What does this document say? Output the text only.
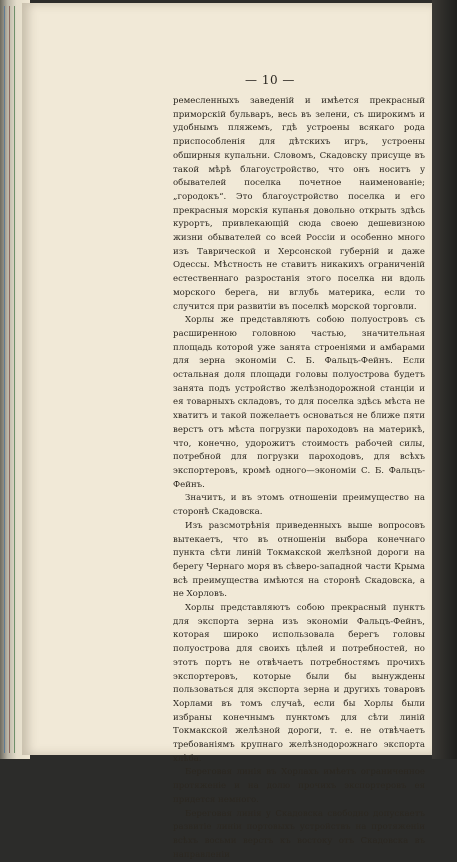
— 10 —

ремесленныхъ заведеній и имѣется прекрасный приморскій бульваръ, весь въ зелени, съ широкимъ и удобнымъ пляжемъ, гдѣ устроены всякаго рода приспособленія для дѣтскихъ игръ, устроены обширныя купальни. Словомъ, Скадовску присуще въ такой мѣрѣ благоустройство, что онъ носитъ у обывателей поселка почетное наименованіе; „городокъ“. Это благоустройство поселка и его прекрасныя морскія купанья довольно открыть здѣсь курортъ, привлекающій сюда своею дешевизною жизни обывателей со всей Россіи и особенно много изъ Таврической и Херсонской губерній и даже Одессы. Мѣстность не ставитъ никакихъ ограниченій естественнаго разростанія этого поселка ни вдоль морского берега, ни вглубь материка, если то случится при развитіи въ поселкѣ морской торговли.

Хорлы же представляютъ собою полуостровъ съ расширенною головною частью, значительная площадь которой уже занята строеніями и амбарами для зерна экономіи С. Б. Фальцъ-Фейнъ. Если остальная доля площади головы полуострова будетъ занята подъ устройство желѣзнодорожной станціи и ея товарныхъ складовъ, то для поселка здѣсь мѣста не хватитъ и такой пожелаетъ основаться не ближе пяти верстъ отъ мѣста погрузки пароходовъ на материкѣ, что, конечно, удорожитъ стоимость рабочей силы, потребной для погрузки пароходовъ, для всѣхъ экспортеровъ, кромѣ одного—экономіи С. Б. Фальцъ-Фейнъ.

Значитъ, и въ этомъ отношеніи преимущество на сторонѣ Скадовска.

Изъ разсмотрѣнія приведенныхъ выше вопросовъ вытекаетъ, что въ отношеніи выбора конечнаго пункта сѣти линій Токмакской желѣзной дороги на берегу Чернаго моря въ сѣверо-западной части Крыма всѣ преимущества имѣются на сторонѣ Скадовска, а не Хорловъ.

Хорлы представляютъ собою прекрасный пунктъ для экспорта зерна изъ экономіи Фальцъ-Фейнъ, которая широко использовала берегъ головы полуострова для своихъ цѣлей и потребностей, но этотъ портъ не отвѣчаетъ потребностямъ прочихъ экспортеровъ, которые были бы вынуждены пользоваться для экспорта зерна и другихъ товаровъ Хорлами въ томъ случаѣ, если бы Хорлы были избраны конечнымъ пунктомъ для сѣти линій Токмакской желѣзной дороги, т. е. не отвѣчаетъ требованіямъ крупнаго желѣзнодорожнаго экспорта хлѣба.

Береговая линія въ Хорлахъ имѣетъ ограниченное протяженіе и на долю прочихъ экспортеровъ ея придется немного.

Береговая линія у Скадовска свободно допускаетъ развитіе линіи портовыхъ устройствъ на протяженіи всѣхъ восьми верстъ къ востоку отъ Скадовска въ направленіи
